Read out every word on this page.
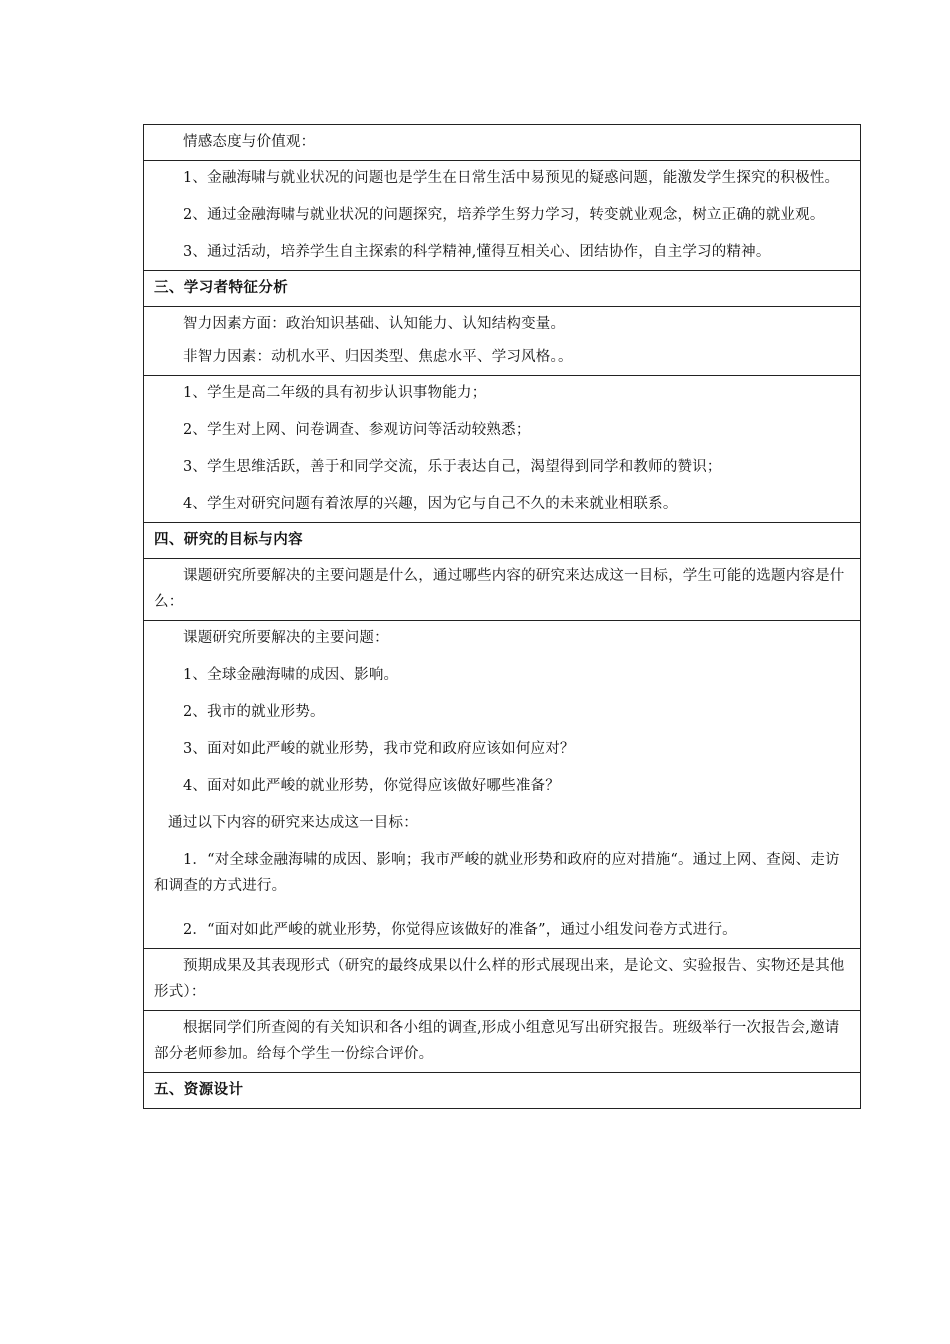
情感态度与价值观：

1、金融海啸与就业状况的问题也是学生在日常生活中易预见的疑惑问题，能激发学生探究的积极性。

2、通过金融海啸与就业状况的问题探究，培养学生努力学习，转变就业观念，树立正确的就业观。

3、通过活动，培养学生自主探索的科学精神,懂得互相关心、团结协作，自主学习的精神。

三、学习者特征分析

智力因素方面：政治知识基础、认知能力、认知结构变量。

非智力因素：动机水平、归因类型、焦虑水平、学习风格。。

1、学生是高二年级的具有初步认识事物能力；

2、学生对上网、问卷调查、参观访问等活动较熟悉；

3、学生思维活跃，善于和同学交流，乐于表达自己，渴望得到同学和教师的赞识；

4、学生对研究问题有着浓厚的兴趣，因为它与自己不久的未来就业相联系。

四、研究的目标与内容

课题研究所要解决的主要问题是什么，通过哪些内容的研究来达成这一目标，学生可能的选题内容是什么：

课题研究所要解决的主要问题：

1、全球金融海啸的成因、影响。

2、我市的就业形势。

3、面对如此严峻的就业形势，我市党和政府应该如何应对？

4、面对如此严峻的就业形势，你觉得应该做好哪些准备？

通过以下内容的研究来达成这一目标：

1．“对全球金融海啸的成因、影响；我市严峻的就业形势和政府的应对措施“。通过上网、查阅、走访和调查的方式进行。

2．“面对如此严峻的就业形势，你觉得应该做好的准备”，通过小组发问卷方式进行。

预期成果及其表现形式（研究的最终成果以什么样的形式展现出来，是论文、实验报告、实物还是其他形式）：

根据同学们所查阅的有关知识和各小组的调查,形成小组意见写出研究报告。班级举行一次报告会,邀请部分老师参加。给每个学生一份综合评价。

五、资源设计
